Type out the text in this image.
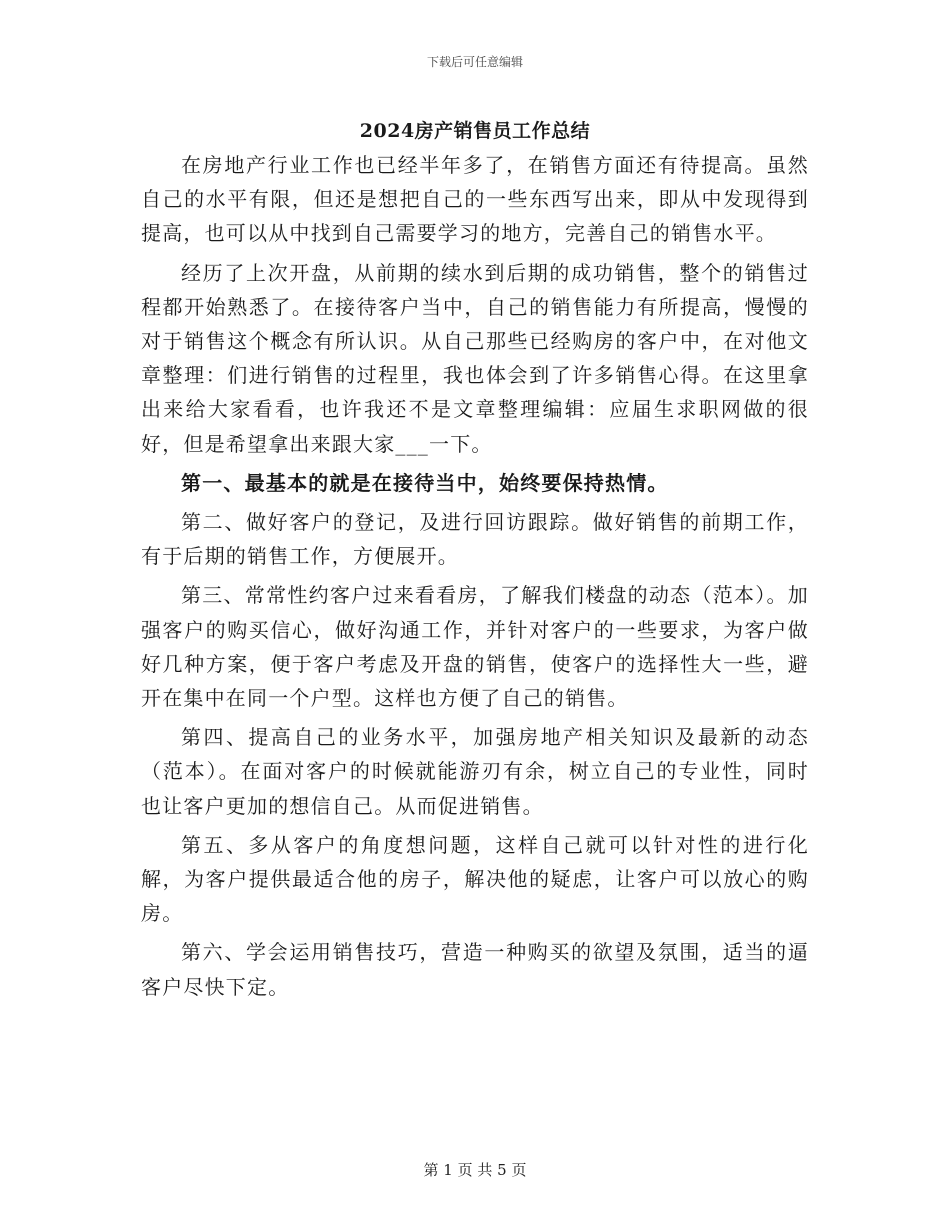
下载后可任意编辑
2024房产销售员工作总结

在房地产行业工作也已经半年多了，在销售方面还有待提高。虽然自己的水平有限，但还是想把自己的一些东西写出来，即从中发现得到提高，也可以从中找到自己需要学习的地方，完善自己的销售水平。

经历了上次开盘，从前期的续水到后期的成功销售，整个的销售过程都开始熟悉了。在接待客户当中，自己的销售能力有所提高，慢慢的对于销售这个概念有所认识。从自己那些已经购房的客户中，在对他文章整理：们进行销售的过程里，我也体会到了许多销售心得。在这里拿出来给大家看看，也许我还不是文章整理编辑：应届生求职网做的很好，但是希望拿出来跟大家___一下。

第一、最基本的就是在接待当中，始终要保持热情。

第二、做好客户的登记，及进行回访跟踪。做好销售的前期工作，有于后期的销售工作，方便展开。

第三、常常性约客户过来看看房，了解我们楼盘的动态（范本）。加强客户的购买信心，做好沟通工作，并针对客户的一些要求，为客户做好几种方案，便于客户考虑及开盘的销售，使客户的选择性大一些，避开在集中在同一个户型。这样也方便了自己的销售。

第四、提高自己的业务水平，加强房地产相关知识及最新的动态（范本）。在面对客户的时候就能游刃有余，树立自己的专业性，同时也让客户更加的想信自己。从而促进销售。

第五、多从客户的角度想问题，这样自己就可以针对性的进行化解，为客户提供最适合他的房子，解决他的疑虑，让客户可以放心的购房。

第六、学会运用销售技巧，营造一种购买的欲望及氛围，适当的逼客户尽快下定。

第 1 页 共 5 页
